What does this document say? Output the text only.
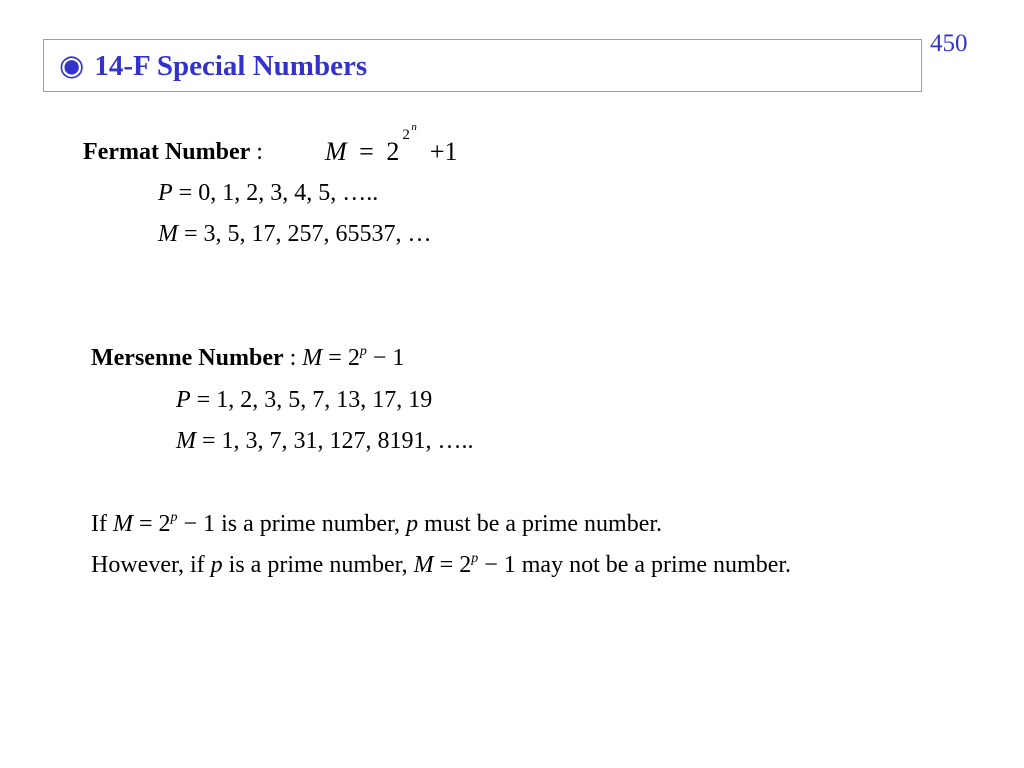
450
◉ 14-F Special Numbers
Fermat Number : M = 2
2 n
+1
P = 0, 1, 2, 3, 4, 5, …..
M = 3, 5, 17, 257, 65537, …
Mersenne Number : $M = 2^p - 1$
P = 1, 2, 3, 5, 7, 13, 17, 19
M = 1, 3, 7, 31, 127, 8191, …..
If $M = 2^p - 1$ is a prime number, p must be a prime number.
However, if p is a prime number, $M = 2^p - 1$ may not be a prime number.
